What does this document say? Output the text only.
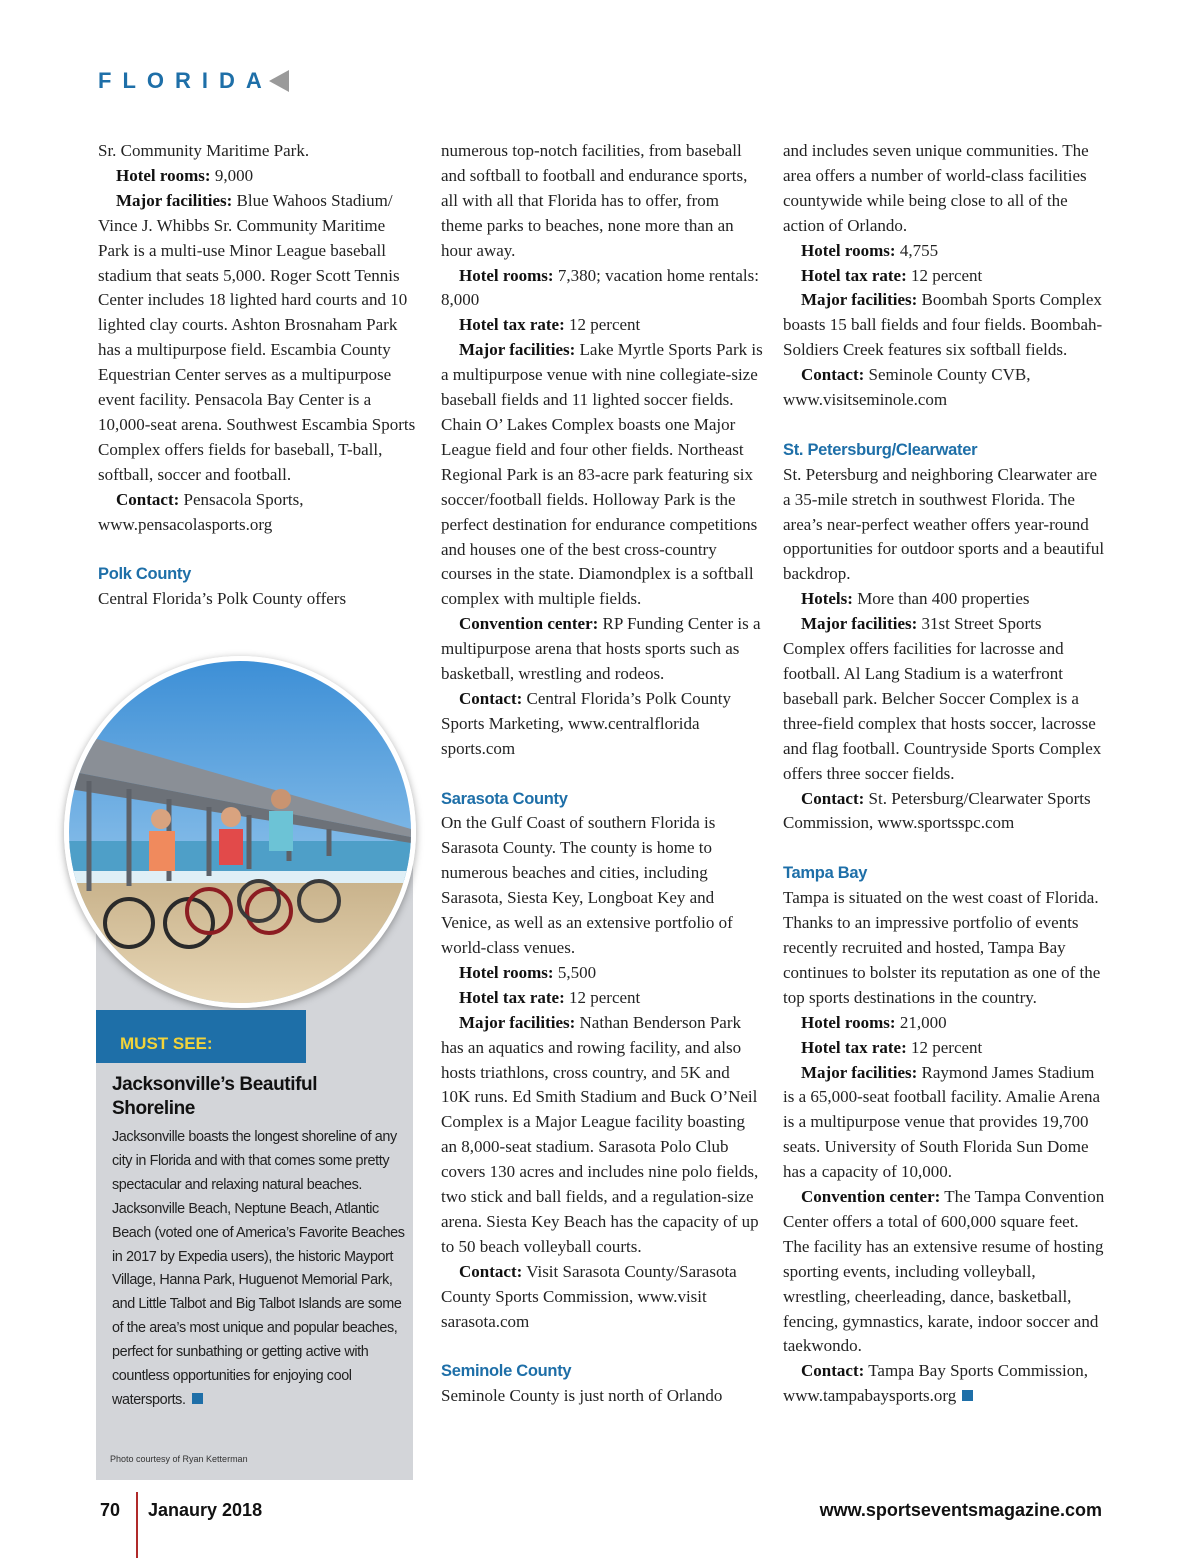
FLORIDA

Sr. Community Maritime Park.

Hotel rooms: 9,000

Major facilities: Blue Wahoos Stadium/ Vince J. Whibbs Sr. Community Maritime Park is a multi-use Minor League baseball stadium that seats 5,000. Roger Scott Tennis Center includes 18 lighted hard courts and 10 lighted clay courts. Ashton Brosnaham Park has a multipurpose field. Escambia County Equestrian Center serves as a multipurpose event facility. Pensacola Bay Center is a 10,000-seat arena. Southwest Escambia Sports Complex offers fields for baseball, T-ball, softball, soccer and football.

Contact: Pensacola Sports, www.pensacolasports.org

Polk County

Central Florida’s Polk County offers

MUST SEE:
Jacksonville’s Beautiful Shoreline
Jacksonville boasts the longest shoreline of any city in Florida and with that comes some pretty spectacular and relaxing natural beaches. Jacksonville Beach, Neptune Beach, Atlantic Beach (voted one of America’s Favorite Beaches in 2017 by Expedia users), the historic Mayport Village, Hanna Park, Huguenot Memorial Park, and Little Talbot and Big Talbot Islands are some of the area’s most unique and popular beaches, perfect for sunbathing or getting active with countless opportunities for enjoying cool watersports.
Photo courtesy of Ryan Ketterman

numerous top-notch facilities, from baseball and softball to football and endurance sports, all with all that Florida has to offer, from theme parks to beaches, none more than an hour away.

Hotel rooms: 7,380; vacation home rentals: 8,000

Hotel tax rate: 12 percent

Major facilities: Lake Myrtle Sports Park is a multipurpose venue with nine collegiate-size baseball fields and 11 lighted soccer fields. Chain O’ Lakes Complex boasts one Major League field and four other fields. Northeast Regional Park is an 83-acre park featuring six soccer/football fields. Holloway Park is the perfect destination for endurance competitions and houses one of the best cross-country courses in the state. Diamondplex is a softball complex with multiple fields.

Convention center: RP Funding Center is a multipurpose arena that hosts sports such as basketball, wrestling and rodeos.

Contact: Central Florida’s Polk County Sports Marketing, www.centralflorida sports.com

Sarasota County

On the Gulf Coast of southern Florida is Sarasota County. The county is home to numerous beaches and cities, including Sarasota, Siesta Key, Longboat Key and Venice, as well as an extensive portfolio of world-class venues.

Hotel rooms: 5,500

Hotel tax rate: 12 percent

Major facilities: Nathan Benderson Park has an aquatics and rowing facility, and also hosts triathlons, cross country, and 5K and 10K runs. Ed Smith Stadium and Buck O’Neil Complex is a Major League facility boasting an 8,000-seat stadium. Sarasota Polo Club covers 130 acres and includes nine polo fields, two stick and ball fields, and a regulation-size arena. Siesta Key Beach has the capacity of up to 50 beach volleyball courts.

Contact: Visit Sarasota County/Sarasota County Sports Commission, www.visit sarasota.com

Seminole County

Seminole County is just north of Orlando

and includes seven unique communities. The area offers a number of world-class facilities countywide while being close to all of the action of Orlando.

Hotel rooms: 4,755

Hotel tax rate: 12 percent

Major facilities: Boombah Sports Complex boasts 15 ball fields and four fields. Boombah-Soldiers Creek features six softball fields.

Contact: Seminole County CVB, www.visitseminole.com

St. Petersburg/Clearwater

St. Petersburg and neighboring Clearwater are a 35-mile stretch in southwest Florida. The area’s near-perfect weather offers year-round opportunities for outdoor sports and a beautiful backdrop.

Hotels: More than 400 properties

Major facilities: 31st Street Sports Complex offers facilities for lacrosse and football. Al Lang Stadium is a waterfront baseball park. Belcher Soccer Complex is a three-field complex that hosts soccer, lacrosse and flag football. Countryside Sports Complex offers three soccer fields.

Contact: St. Petersburg/Clearwater Sports Commission, www.sportsspc.com

Tampa Bay

Tampa is situated on the west coast of Florida. Thanks to an impressive portfolio of events recently recruited and hosted, Tampa Bay continues to bolster its reputation as one of the top sports destinations in the country.

Hotel rooms: 21,000

Hotel tax rate: 12 percent

Major facilities: Raymond James Stadium is a 65,000-seat football facility. Amalie Arena is a multipurpose venue that provides 19,700 seats. University of South Florida Sun Dome has a capacity of 10,000.

Convention center: The Tampa Convention Center offers a total of 600,000 square feet. The facility has an extensive resume of hosting sporting events, including volleyball, wrestling, cheerleading, dance, basketball, fencing, gymnastics, karate, indoor soccer and taekwondo.

Contact: Tampa Bay Sports Commission, www.tampabaysports.org

70 Janaury 2018	www.sportseventsmagazine.com
